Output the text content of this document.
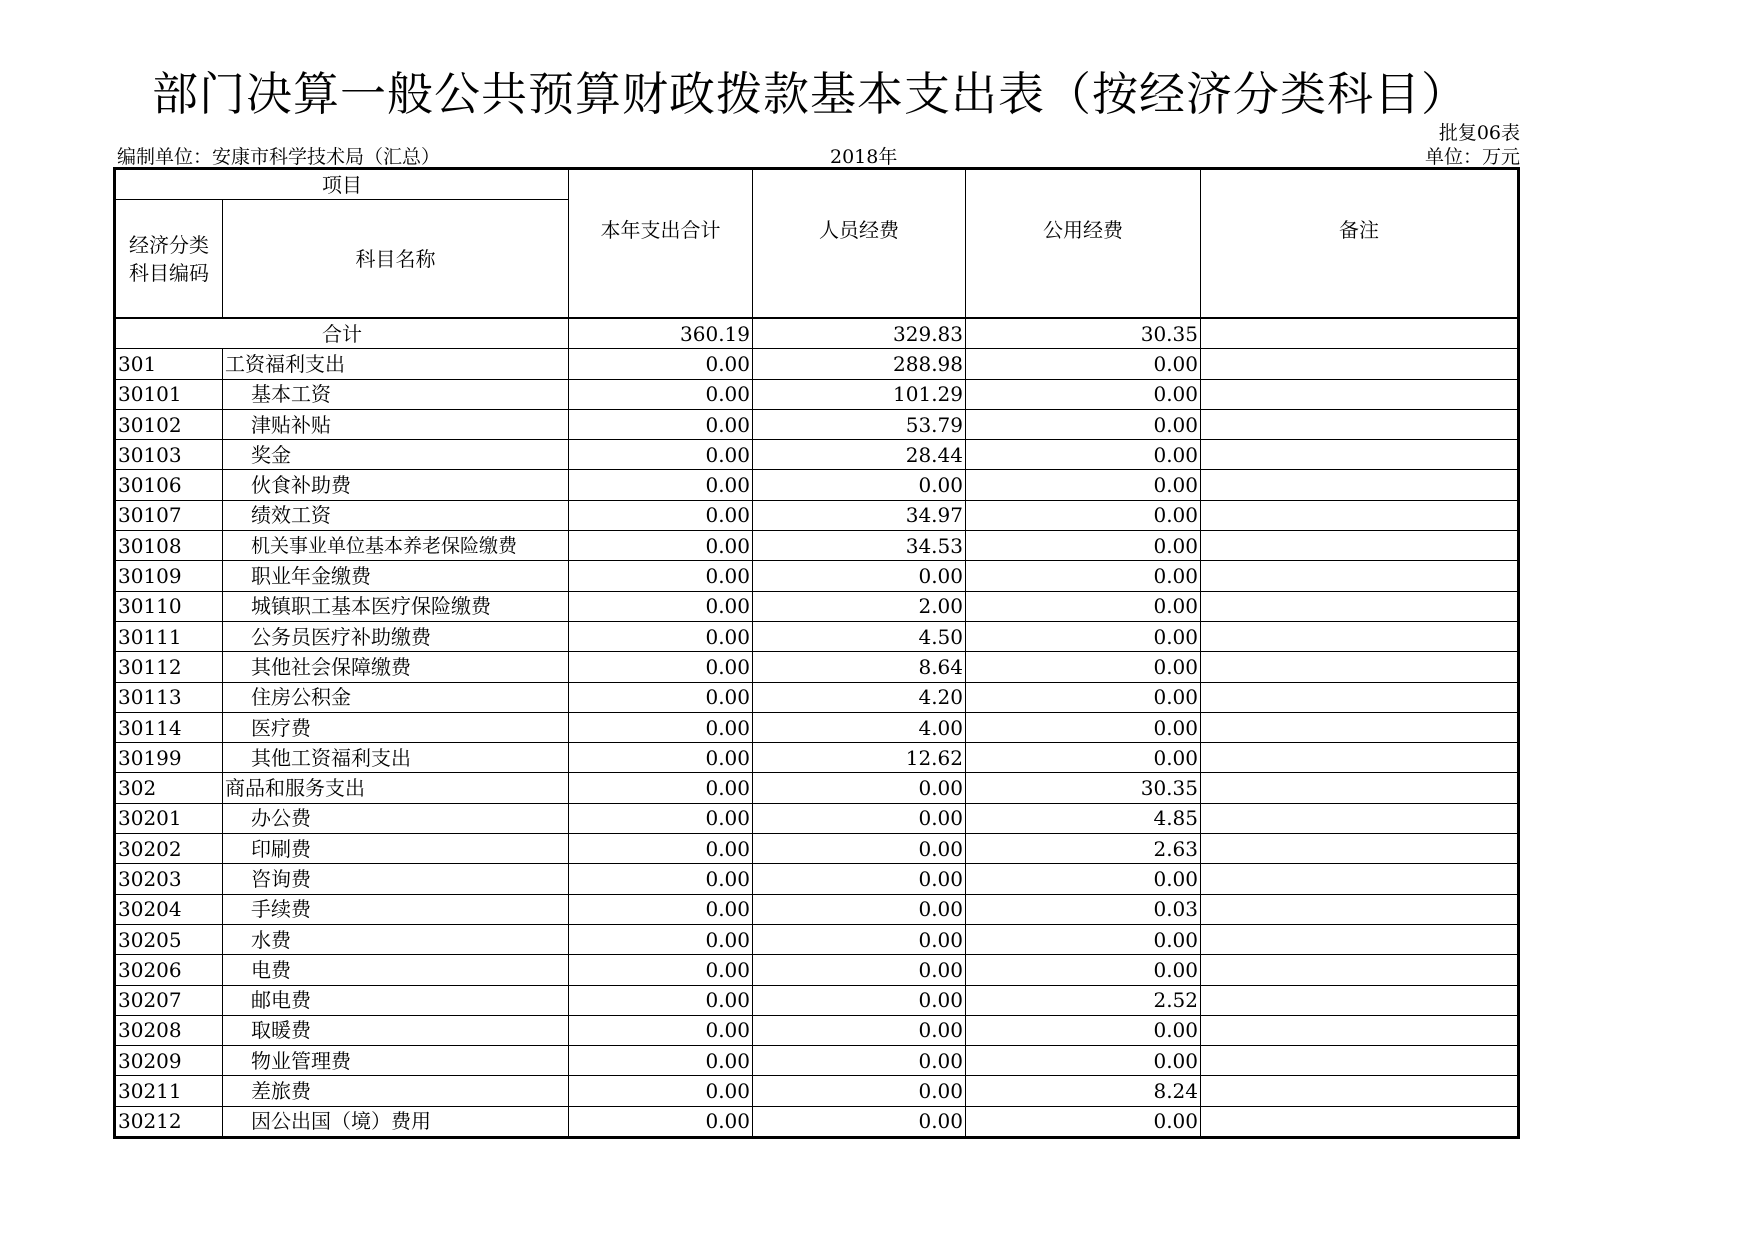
部门决算一般公共预算财政拨款基本支出表（按经济分类科目）
批复06表
编制单位：安康市科学技术局（汇总）	2018年	单位：万元
项目		本年支出合计	人员经费	公用经费	备注
经济分类科目编码	科目名称				
合计		360.19	329.83	30.35	
301	工资福利支出	0.00	288.98	0.00	
30101	基本工资	0.00	101.29	0.00	
30102	津贴补贴	0.00	53.79	0.00	
30103	奖金	0.00	28.44	0.00	
30106	伙食补助费	0.00	0.00	0.00	
30107	绩效工资	0.00	34.97	0.00	
30108	机关事业单位基本养老保险缴费	0.00	34.53	0.00	
30109	职业年金缴费	0.00	0.00	0.00	
30110	城镇职工基本医疗保险缴费	0.00	2.00	0.00	
30111	公务员医疗补助缴费	0.00	4.50	0.00	
30112	其他社会保障缴费	0.00	8.64	0.00	
30113	住房公积金	0.00	4.20	0.00	
30114	医疗费	0.00	4.00	0.00	
30199	其他工资福利支出	0.00	12.62	0.00	
302	商品和服务支出	0.00	0.00	30.35	
30201	办公费	0.00	0.00	4.85	
30202	印刷费	0.00	0.00	2.63	
30203	咨询费	0.00	0.00	0.00	
30204	手续费	0.00	0.00	0.03	
30205	水费	0.00	0.00	0.00	
30206	电费	0.00	0.00	0.00	
30207	邮电费	0.00	0.00	2.52	
30208	取暖费	0.00	0.00	0.00	
30209	物业管理费	0.00	0.00	0.00	
30211	差旅费	0.00	0.00	8.24	
30212	因公出国（境）费用	0.00	0.00	0.00	
